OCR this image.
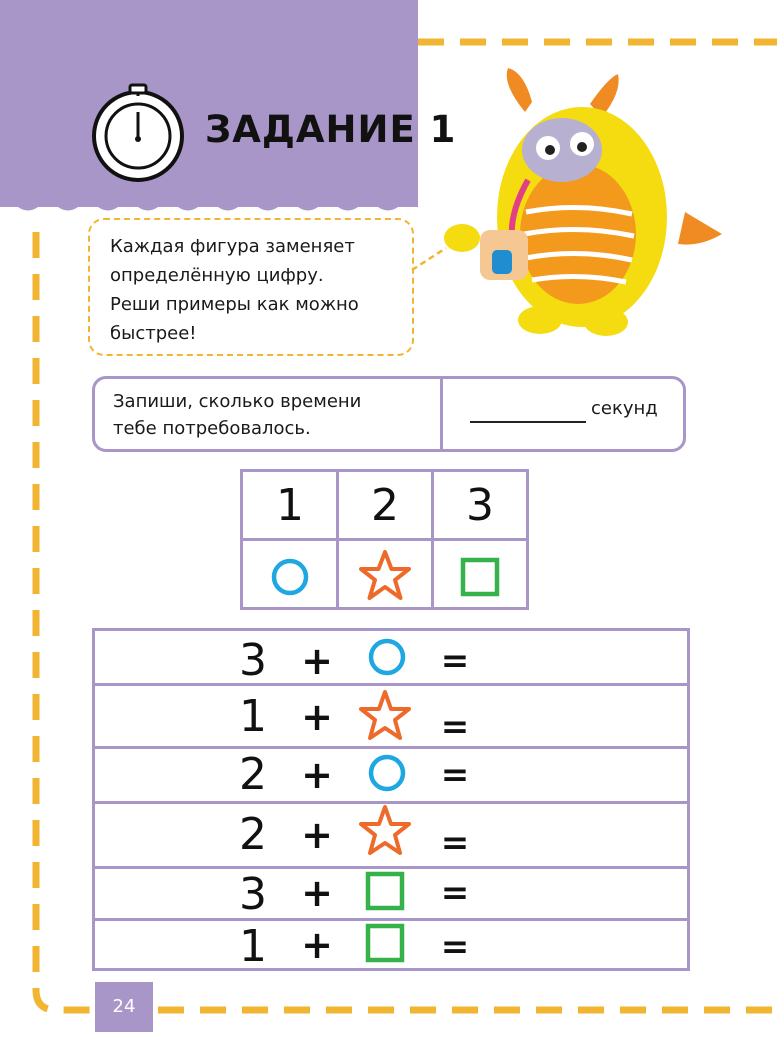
ЗАДАНИЕ 1
Каждая фигура заменяет
определённую цифру.
Реши примеры как можно
быстрее!
Запиши, сколько времени
тебе потребовалось.
секунд
1	2	3
3 +	=
1 +	=
2 +	=
2 +	=
3 +	=
1 +	=
24
